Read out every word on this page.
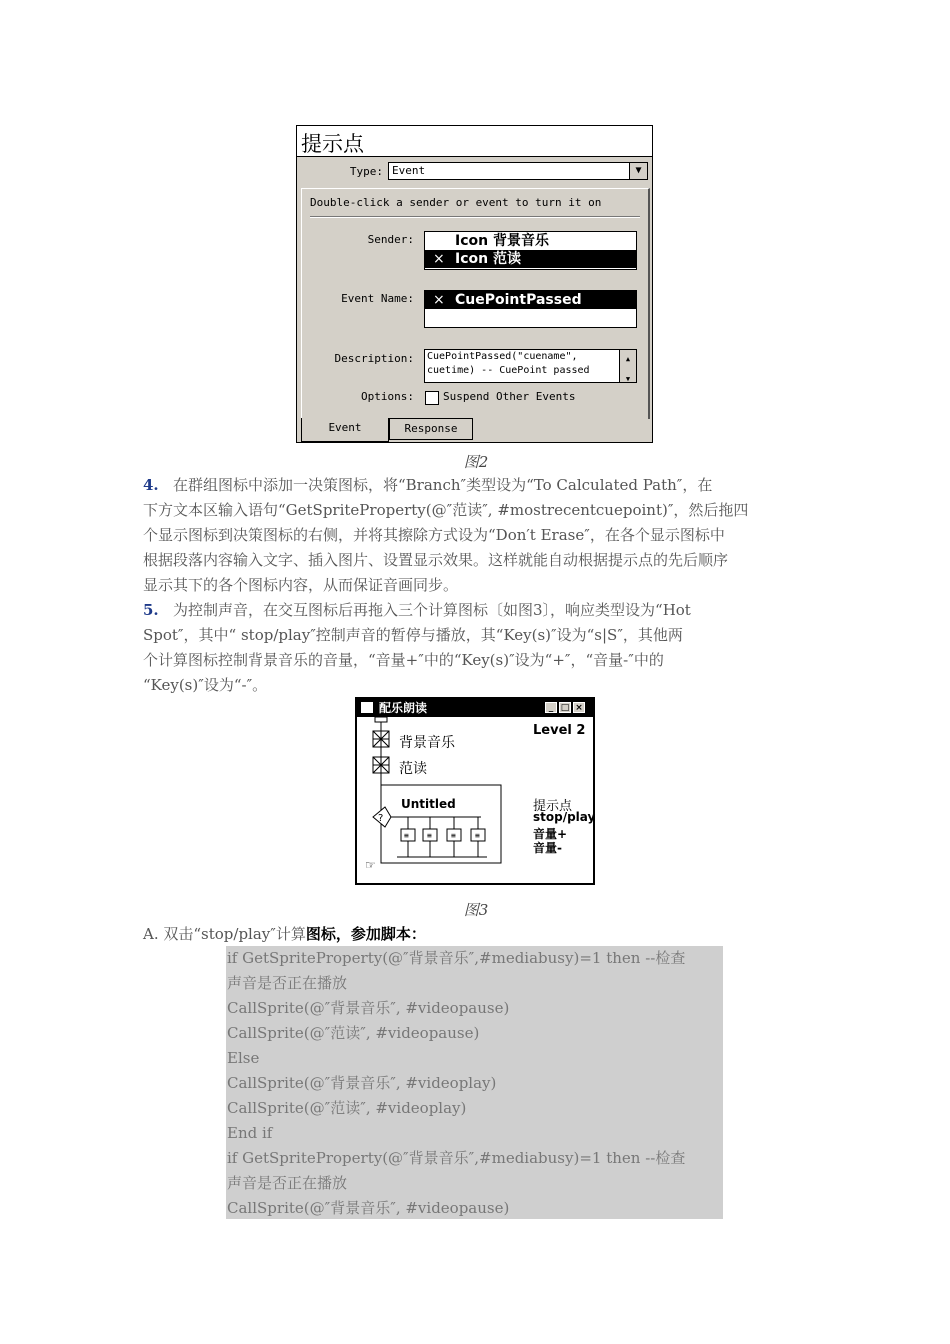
提示点
Type: Event	▼
Double-click a sender or event to turn it on
Sender:	Icon 背景音乐
× Icon 范读
Event Name: × CuePointPassed
Description: CuePointPassed("cuename",
cuetime) -- CuePoint passed
▲
▼
Options:	Suspend Other Events
Event	Response
图2
4. 在群组图标中添加一决策图标，将“Branch″类型设为“To Calculated Path″，在
下方文本区输入语句“GetSpriteProperty(@″范读″, #mostrecentcuepoint)″，然后拖四
个显示图标到决策图标的右侧，并将其擦除方式设为“Don′t Erase″，在各个显示图标中
根据段落内容输入文字、插入图片、设置显示效果。这样就能自动根据提示点的先后顺序
显示其下的各个图标内容，从而保证音画同步。
5. 为控制声音，在交互图标后再拖入三个计算图标〔如图3〕，响应类型设为“Hot
Spot″，其中“ stop/play″控制声音的暂停与播放，其“Key(s)″设为“s|S″，其他两
个计算图标控制背景音乐的音量，“音量+″中的“Key(s)″设为“+″，“音量-″中的
“Key(s)″设为“-″。
配乐朗读	_ □ ×
Level 2
?
≡ ≡ ≡ ≡
☞
背景音乐
范读
Untitled	提示点
stop/play
音量+
音量-
图3
A. 双击“stop/play″计算图标，参加脚本：
if GetSpriteProperty(@″背景音乐″,#mediabusy)=1 then --检查
声音是否正在播放
CallSprite(@″背景音乐″, #videopause)
CallSprite(@″范读″, #videopause)
Else
CallSprite(@″背景音乐″, #videoplay)
CallSprite(@″范读″, #videoplay)
End if
if GetSpriteProperty(@″背景音乐″,#mediabusy)=1 then --检查
声音是否正在播放
CallSprite(@″背景音乐″, #videopause)
